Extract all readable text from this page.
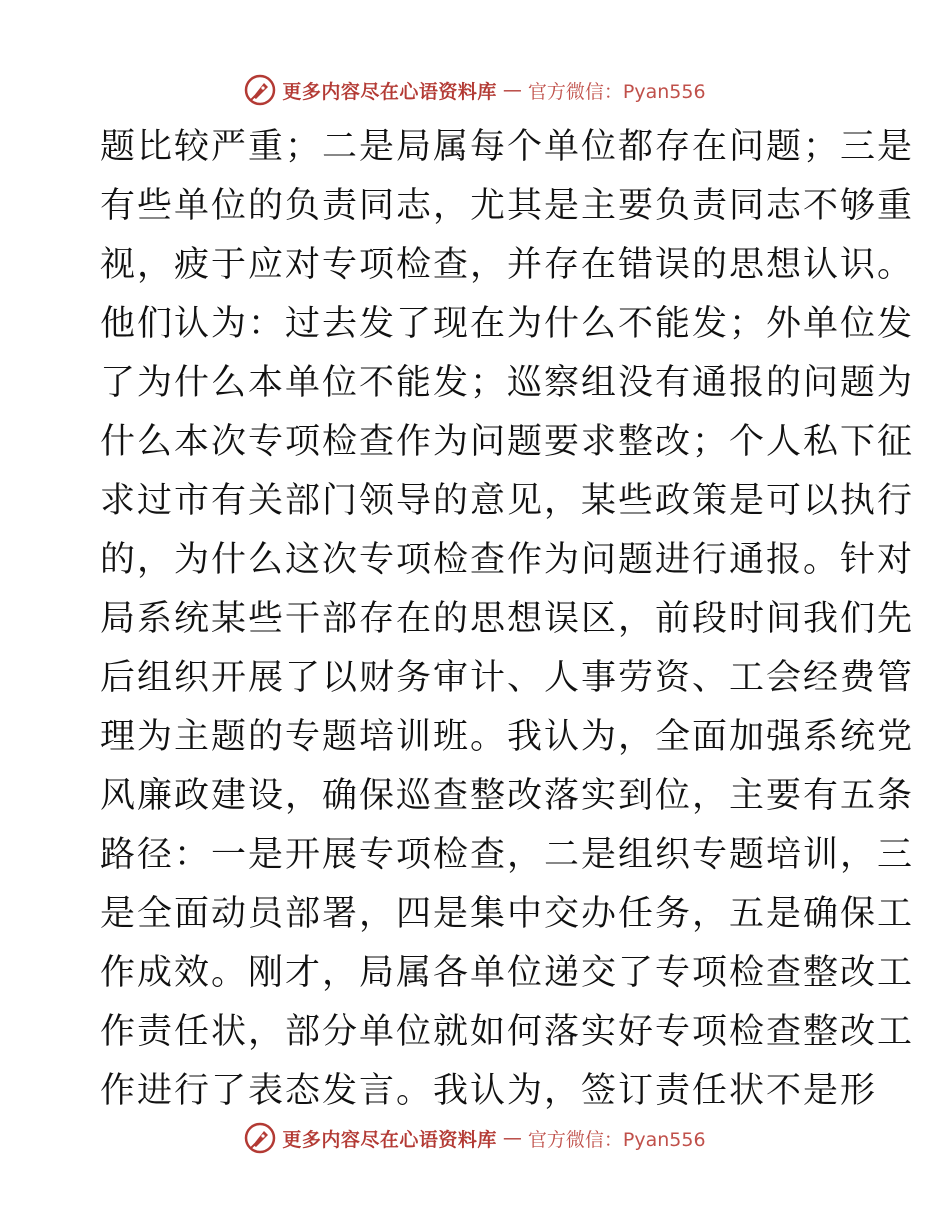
更多内容尽在心语资料库 — 官方微信：Pyan556
题比较严重；二是局属每个单位都存在问题；三是
有些单位的负责同志，尤其是主要负责同志不够重
视，疲于应对专项检查，并存在错误的思想认识。
他们认为：过去发了现在为什么不能发；外单位发
了为什么本单位不能发；巡察组没有通报的问题为
什么本次专项检查作为问题要求整改；个人私下征
求过市有关部门领导的意见，某些政策是可以执行
的，为什么这次专项检查作为问题进行通报。针对
局系统某些干部存在的思想误区，前段时间我们先
后组织开展了以财务审计、人事劳资、工会经费管
理为主题的专题培训班。我认为，全面加强系统党
风廉政建设，确保巡查整改落实到位，主要有五条
路径：一是开展专项检查，二是组织专题培训，三
是全面动员部署，四是集中交办任务，五是确保工
作成效。刚才，局属各单位递交了专项检查整改工
作责任状，部分单位就如何落实好专项检查整改工
作进行了表态发言。我认为，签订责任状不是形
更多内容尽在心语资料库 — 官方微信：Pyan556
